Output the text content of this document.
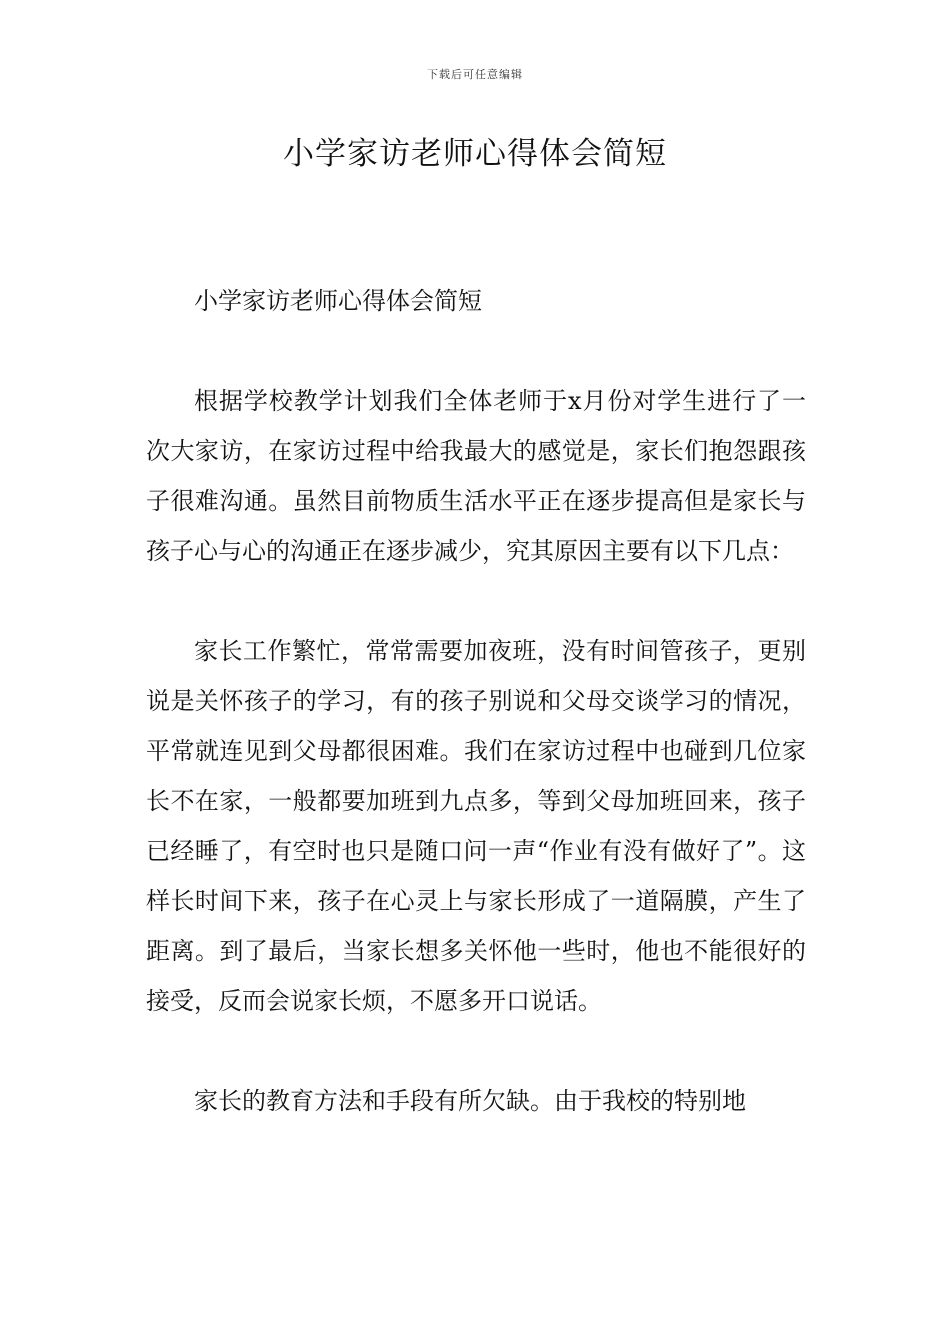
下载后可任意编辑
小学家访老师心得体会简短

小学家访老师心得体会简短

根据学校教学计划我们全体老师于x月份对学生进行了一次大家访，在家访过程中给我最大的感觉是，家长们抱怨跟孩子很难沟通。虽然目前物质生活水平正在逐步提高但是家长与孩子心与心的沟通正在逐步减少，究其原因主要有以下几点：

家长工作繁忙，常常需要加夜班，没有时间管孩子，更别说是关怀孩子的学习，有的孩子别说和父母交谈学习的情况，平常就连见到父母都很困难。我们在家访过程中也碰到几位家长不在家，一般都要加班到九点多，等到父母加班回来，孩子已经睡了，有空时也只是随口问一声“作业有没有做好了”。这样长时间下来，孩子在心灵上与家长形成了一道隔膜，产生了距离。到了最后，当家长想多关怀他一些时，他也不能很好的接受，反而会说家长烦，不愿多开口说话。

家长的教育方法和手段有所欠缺。由于我校的特别地
